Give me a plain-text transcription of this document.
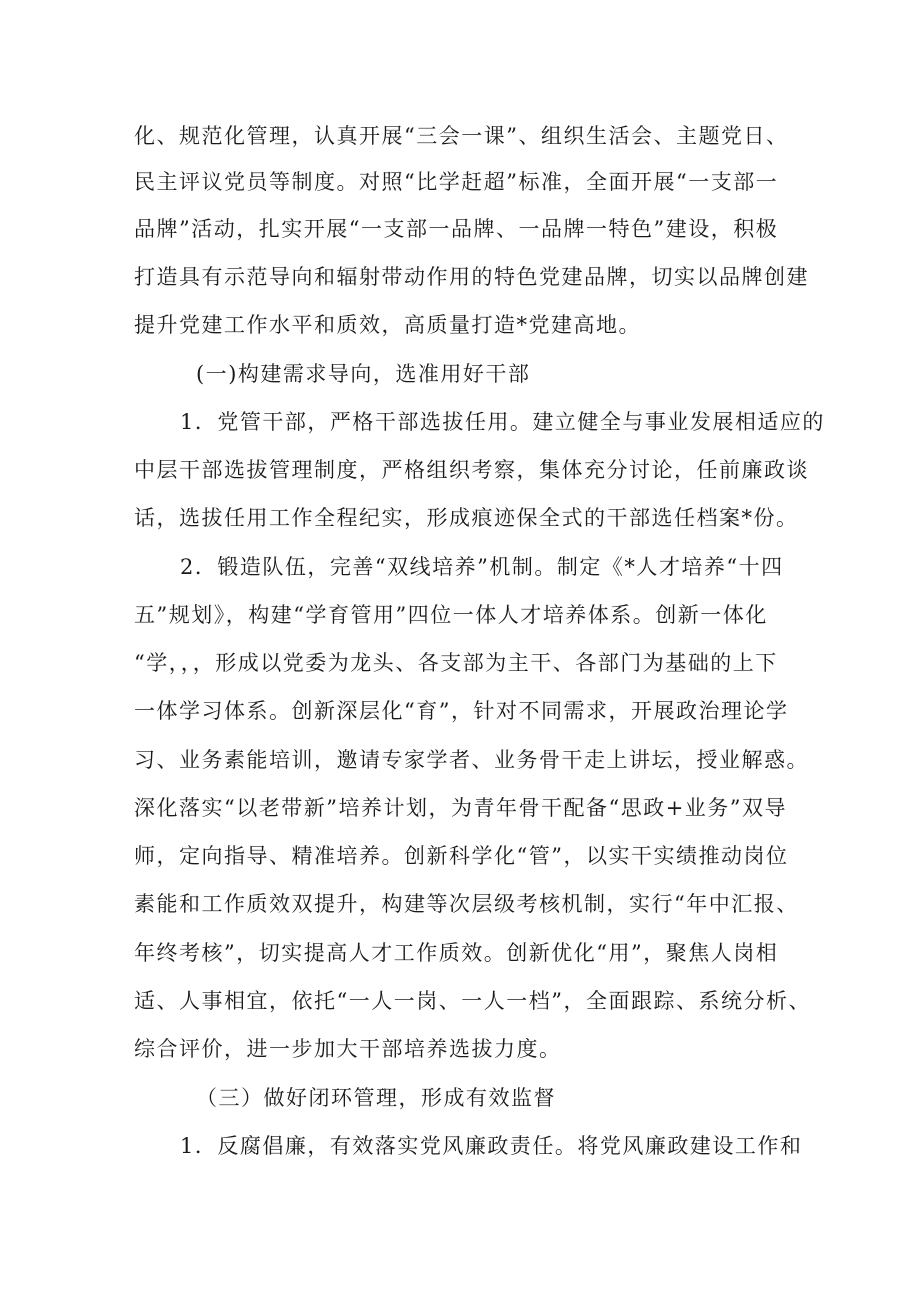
化、规范化管理，认真开展“三会一课”、组织生活会、主题党日、
民主评议党员等制度。对照“比学赶超”标准，全面开展“一支部一
品牌”活动，扎实开展“一支部一品牌、一品牌一特色”建设，积极
打造具有示范导向和辐射带动作用的特色党建品牌，切实以品牌创建
提升党建工作水平和质效，高质量打造*党建高地。
(一)构建需求导向，选准用好干部
1．党管干部，严格干部选拔任用。建立健全与事业发展相适应的
中层干部选拔管理制度，严格组织考察，集体充分讨论，任前廉政谈
话，选拔任用工作全程纪实，形成痕迹保全式的干部选任档案*份。
2．锻造队伍，完善“双线培养”机制。制定《*人才培养“十四
五”规划》，构建“学育管用”四位一体人才培养体系。创新一体化
“学，，，形成以党委为龙头、各支部为主干、各部门为基础的上下
一体学习体系。创新深层化“育”，针对不同需求，开展政治理论学
习、业务素能培训，邀请专家学者、业务骨干走上讲坛，授业解惑。
深化落实“以老带新”培养计划，为青年骨干配备“思政+业务”双导
师，定向指导、精准培养。创新科学化“管”，以实干实绩推动岗位
素能和工作质效双提升，构建等次层级考核机制，实行“年中汇报、
年终考核”，切实提高人才工作质效。创新优化“用”，聚焦人岗相
适、人事相宜，依托“一人一岗、一人一档”，全面跟踪、系统分析、
综合评价，进一步加大干部培养选拔力度。
（三）做好闭环管理，形成有效监督
1．反腐倡廉，有效落实党风廉政责任。将党风廉政建设工作和
